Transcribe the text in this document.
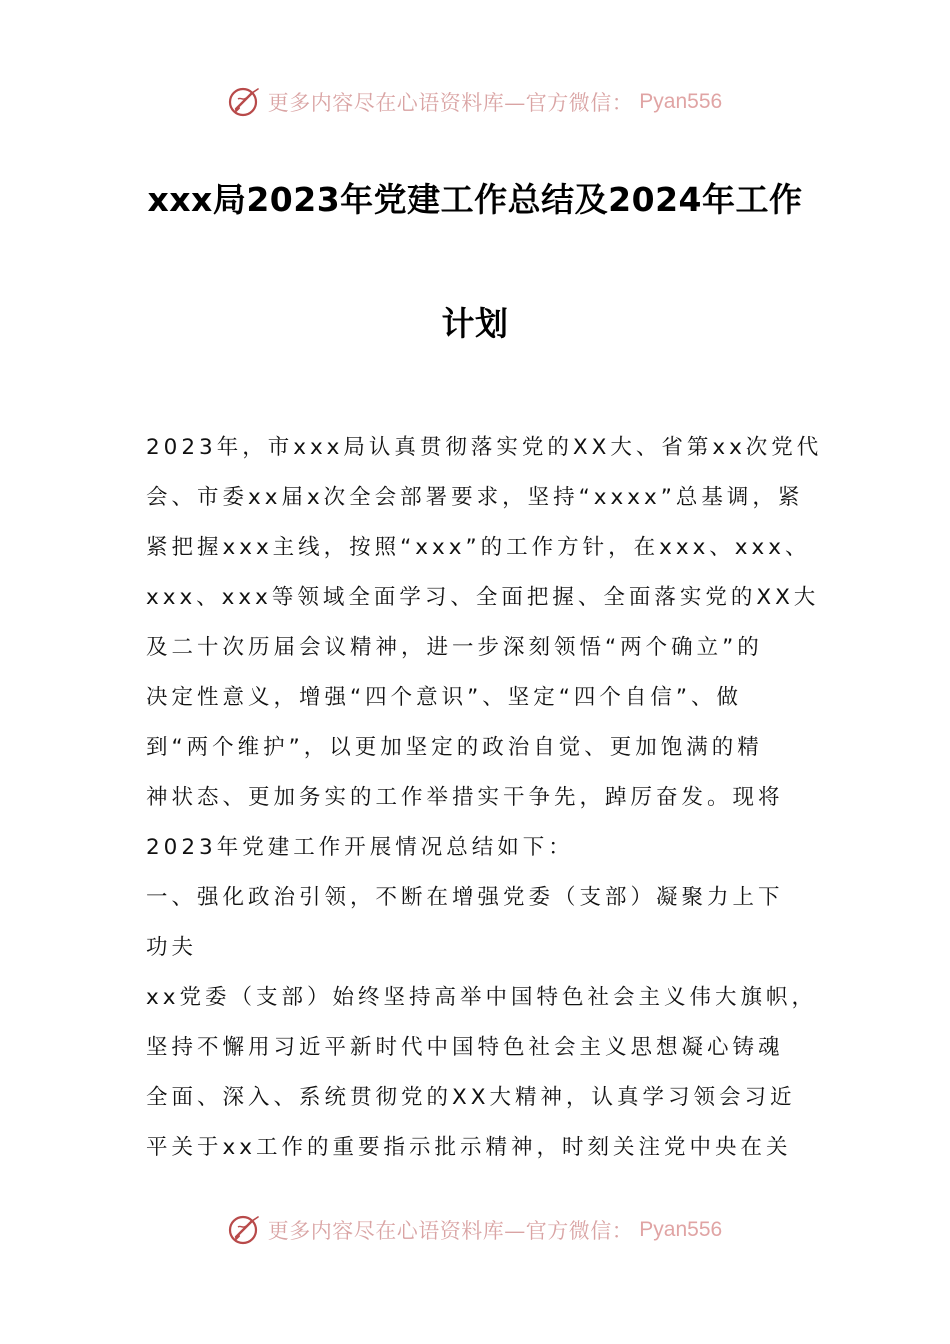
更多内容尽在心语资料库—官方微信： Pyan556
xxx局2023年党建工作总结及2024年工作
计划
2023年，市xxx局认真贯彻落实党的XX大、省第xx次党代
会、市委xx届x次全会部署要求，坚持“xxxx”总基调，紧
紧把握xxx主线，按照“xxx”的工作方针，在xxx、xxx、
xxx、xxx等领域全面学习、全面把握、全面落实党的XX大
及二十次历届会议精神，进一步深刻领悟“两个确立”的
决定性意义，增强“四个意识”、坚定“四个自信”、做
到“两个维护”，以更加坚定的政治自觉、更加饱满的精
神状态、更加务实的工作举措实干争先，踔厉奋发。现将
2023年党建工作开展情况总结如下：
一、强化政治引领，不断在增强党委（支部）凝聚力上下
功夫
xx党委（支部）始终坚持高举中国特色社会主义伟大旗帜，
坚持不懈用习近平新时代中国特色社会主义思想凝心铸魂
全面、深入、系统贯彻党的XX大精神，认真学习领会习近
平关于xx工作的重要指示批示精神，时刻关注党中央在关
更多内容尽在心语资料库—官方微信： Pyan556
